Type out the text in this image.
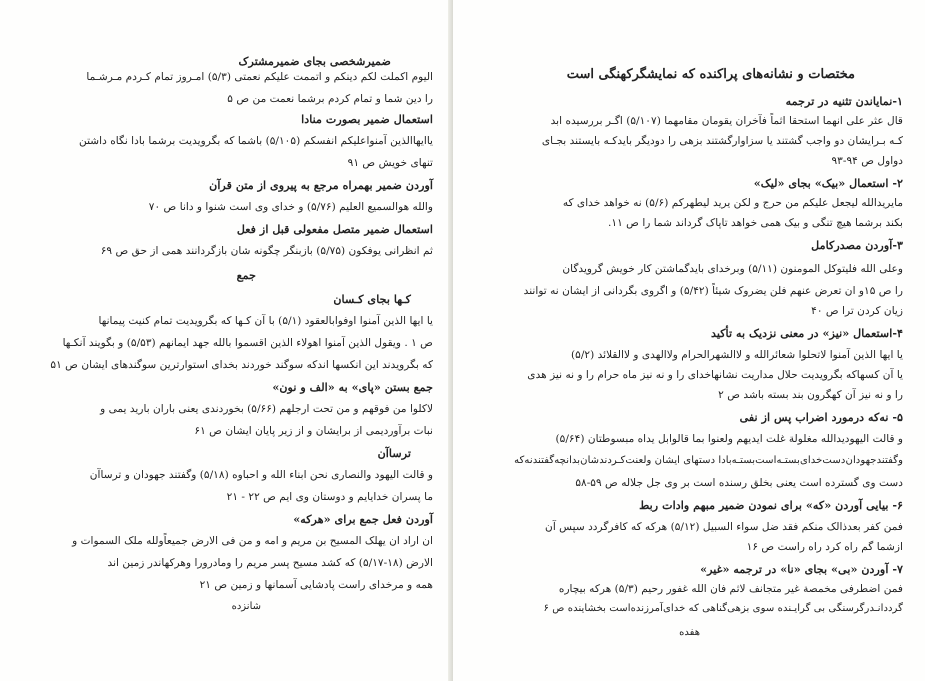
ضمیرشخصی بجای ضمیرمشترک
الیوم اکملت لکم دینکم و اتممت علیکم نعمتی (۵/۳) امـروز تمام کـردم مـرشـما
را دین شما و تمام کردم برشما نعمت من ص ۵
استعمال ضمیر بصورت منادا
یاایهاالذین آمنواعلیکم انفسکم (۵/۱۰۵) باشما که بگرویدیت برشما بادا نگاه داشتن
تنهای خویش ص ۹۱
آوردن ضمیر بهمراه مرجع به پیروی از متن قرآن
والله هوالسمیع العلیم (۵/۷۶) و خدای وی است شنوا و دانا ص ۷۰
استعمال ضمیر متصل مفعولی قبل از فعل
ثم انظرانی یوفکون (۵/۷۵) بازبنگر چگونه شان بازگردانند همی از حق ص ۶۹
جمع
کـها بجای کـسان
یا ایها الذین آمنوا اوفوابالعقود (۵/۱) با آن کـها که بگرویدیت تمام کنیت پیمانها
ص ۱ . ویقول الذین آمنوا اهولاء الذین اقسموا بالله جهد ایمانهم (۵/۵۳) و بگویند آنکـها
که بگرویدند این انکسها اندکه سوگند خوردند بخدای استوارترین سوگندهای ایشان ص ۵۱
جمع بستن «پای» به «الف و نون»
لاکلوا من فوقهم و من تحت ارجلهم (۵/۶۶) بخوردندی یعنی باران بارید یمی و
نبات برآوردیمی از برایشان و از زیر پایان ایشان ص ۶۱
ترساآن
و قالت الیهود والنصاری نحن ابناء الله و احباوه (۵/۱۸) وگفتند جهودان و ترساآن
ما پسران خدایایم و دوستان وی ایم ص ۲۲ - ۲۱
آوردن فعل جمع برای «هرکه»
ان اراد ان یهلک المسیح بن مریم و امه و من فی الارض جمیعاًولله ملک السموات و
الارض (۱۸-۵/۱۷) که کشد مسیح پسر مریم را ومادرورا وهرکهاندر زمین اند
همه و مرخدای راست پادشایی آسمانها و زمین ص ۲۱
شانزده
مختصات و نشانه‌های پراکنده که نمایشگرکهنگی است
۱-نمایاندن تثنیه در ترجمه
قال عثر علی انهما استحقا اثماً فآخران یقومان مقامهما (۵/۱۰۷) اگـر بررسیده ابد
کـه بـرایشان دو واجب گشتند یا سزاوارگشتند بزهی را دودیگر بایدکـه بایستند بجـای
دواول ص ۹۴-۹۳
۲- استعمال «بیک» بجای «لیک»
مایریدالله لیجعل علیکم من حرج و لکن یرید لیطهرکم (۵/۶) نه خواهد خدای که
بکند برشما هیچ تنگی و بیک همی خواهد تاپاک گرداند شما را ص ۱۱.
۳-آوردن مصدرکامل
وعلی الله فلیتوکل المومنون (۵/۱۱) وبرخدای بایدگماشتن کار خویش گرویدگان
را ص ۱۵و ان تعرض عنهم فلن یضروک شیئاً (۵/۴۲) و اگروی بگردانی از ایشان نه توانند
زیان کردن ترا ص ۴۰
۴-استعمال «نیز» در معنی نزدیک به تأکید
یا ایها الذین آمنوا لاتحلوا شعائرالله و لاالشهرالحرام ولاالهدی و لاالقلائد (۵/۲)
یا آن کسهاکه بگرویدیت حلال مداریت نشانهاخدای را و نه نیز ماه حرام را و نه نیز هدی
را و نه نیز آن کهگرون بند بسته باشد ص ۲
۵- نه‌که درمورد اضراب پس از نفی
و قالت الیهودیدالله مغلولة غلت ایدیهم ولعنوا بما قالوابل یداه مبسوطتان (۵/۶۴)
وگفتندجهودان‌دست‌خدای‌بستـه‌است‌بستـه‌بادا دستهای ایشان ولعنت‌کـردندشان‌بدانچه‌گفتندنه‌که
دست وی گسترده است یعنی بخلق رسنده است بر وی جل جلاله ص ۵۹-۵۸
۶- بیایی آوردن «که» برای نمودن ضمیر مبهم وادات ربط
فمن کفر بعدذالک منکم فقد ضل سواء السبیل (۵/۱۲) هرکه که کافرگردد سپس آن
ازشما گم راه کرد راه راست ص ۱۶
۷- آوردن «بی» بجای «نا» در ترجمه «غیر»
فمن اضطرفی مخمصة غیر متجانف لاثم فان الله غفور رحیم (۵/۳) هرکه بیچاره
گرددانـدرگرسنگی بی گرایـنده سوی بزهی‌گناهی که خدای‌آمرزنده‌است بخشاینده ص ۶
هفده
